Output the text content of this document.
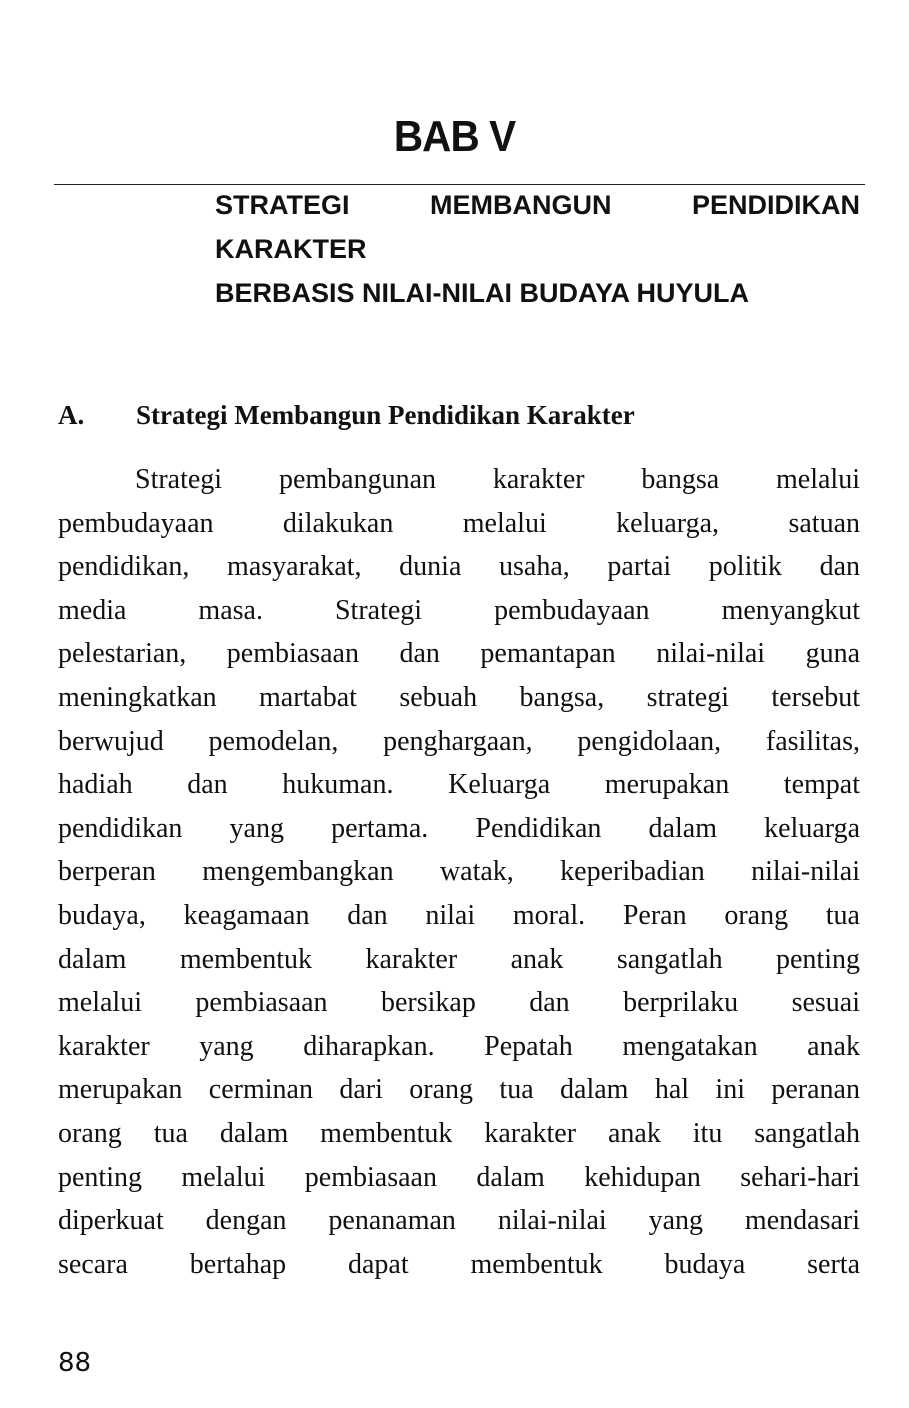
BAB V
STRATEGI MEMBANGUN PENDIDIKAN KARAKTER
BERBASIS NILAI-NILAI BUDAYA HUYULA
A. Strategi Membangun Pendidikan Karakter

Strategi pembangunan karakter bangsa melalui
pembudayaan dilakukan melalui keluarga, satuan
pendidikan, masyarakat, dunia usaha, partai politik dan
media masa. Strategi pembudayaan menyangkut
pelestarian, pembiasaan dan pemantapan nilai-nilai guna
meningkatkan martabat sebuah bangsa, strategi tersebut
berwujud pemodelan, penghargaan, pengidolaan, fasilitas,
hadiah dan hukuman. Keluarga merupakan tempat
pendidikan yang pertama. Pendidikan dalam keluarga
berperan mengembangkan watak, keperibadian nilai-nilai
budaya, keagamaan dan nilai moral. Peran orang tua
dalam membentuk karakter anak sangatlah penting
melalui pembiasaan bersikap dan berprilaku sesuai
karakter yang diharapkan. Pepatah mengatakan anak
merupakan cerminan dari orang tua dalam hal ini peranan
orang tua dalam membentuk karakter anak itu sangatlah
penting melalui pembiasaan dalam kehidupan sehari-hari
diperkuat dengan penanaman nilai-nilai yang mendasari
secara bertahap dapat membentuk budaya serta

88
